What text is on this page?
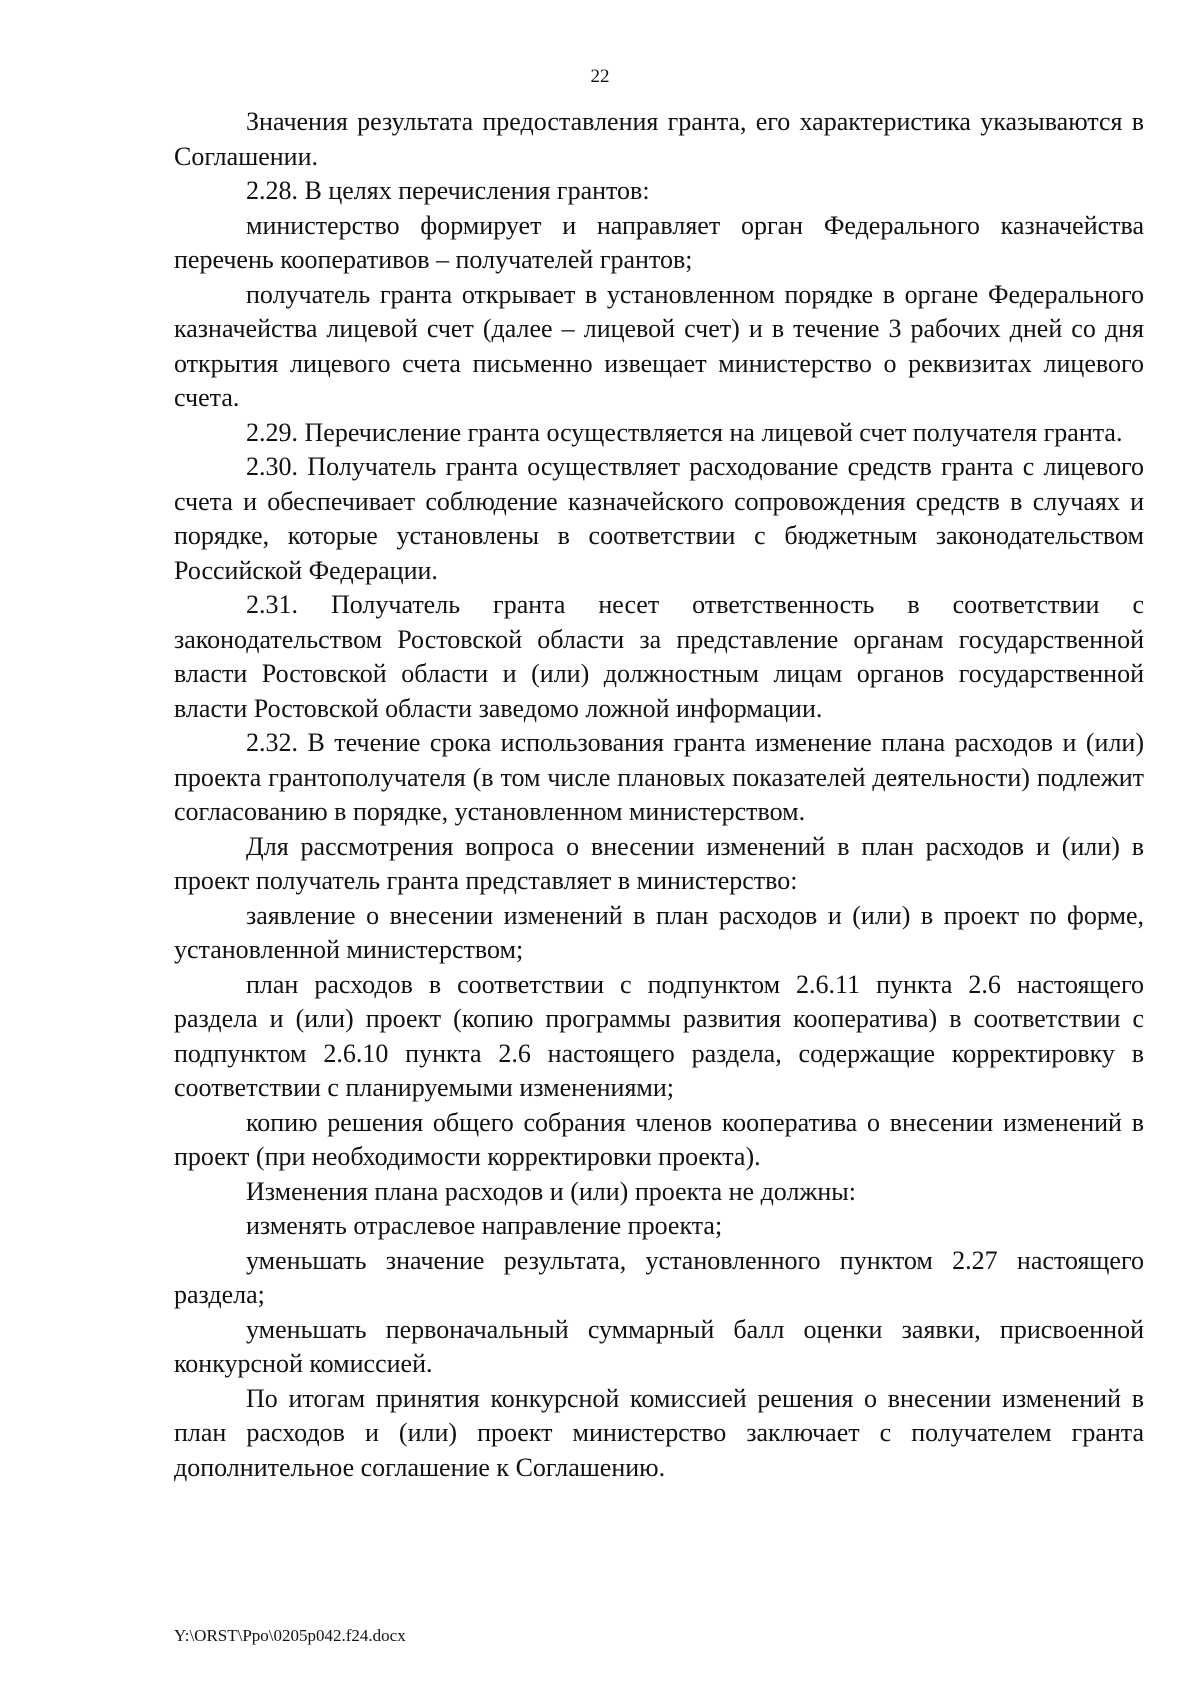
22

Значения результата предоставления гранта, его характеристика указываются в Соглашении.

2.28. В целях перечисления грантов:

министерство формирует и направляет орган Федерального казначейства перечень кооперативов – получателей грантов;

получатель гранта открывает в установленном порядке в органе Федерального казначейства лицевой счет (далее – лицевой счет) и в течение 3 рабочих дней со дня открытия лицевого счета письменно извещает министерство о реквизитах лицевого счета.

2.29. Перечисление гранта осуществляется на лицевой счет получателя гранта.

2.30. Получатель гранта осуществляет расходование средств гранта с лицевого счета и обеспечивает соблюдение казначейского сопровождения средств в случаях и порядке, которые установлены в соответствии с бюджетным законодательством Российской Федерации.

2.31. Получатель гранта несет ответственность в соответствии с законодательством Ростовской области за представление органам государственной власти Ростовской области и (или) должностным лицам органов государственной власти Ростовской области заведомо ложной информации.

2.32. В течение срока использования гранта изменение плана расходов и (или) проекта грантополучателя (в том числе плановых показателей деятельности) подлежит согласованию в порядке, установленном министерством.

Для рассмотрения вопроса о внесении изменений в план расходов и (или) в проект получатель гранта представляет в министерство:

заявление о внесении изменений в план расходов и (или) в проект по форме, установленной министерством;

план расходов в соответствии с подпунктом 2.6.11 пункта 2.6 настоящего раздела и (или) проект (копию программы развития кооператива) в соответствии с подпунктом 2.6.10 пункта 2.6 настоящего раздела, содержащие корректировку в соответствии с планируемыми изменениями;

копию решения общего собрания членов кооператива о внесении изменений в проект (при необходимости корректировки проекта).

Изменения плана расходов и (или) проекта не должны:

изменять отраслевое направление проекта;

уменьшать значение результата, установленного пунктом 2.27 настоящего раздела;

уменьшать первоначальный суммарный балл оценки заявки, присвоенной конкурсной комиссией.

По итогам принятия конкурсной комиссией решения о внесении изменений в план расходов и (или) проект министерство заключает с получателем гранта дополнительное соглашение к Соглашению.

Y:\ORST\Ppo\0205p042.f24.docx
